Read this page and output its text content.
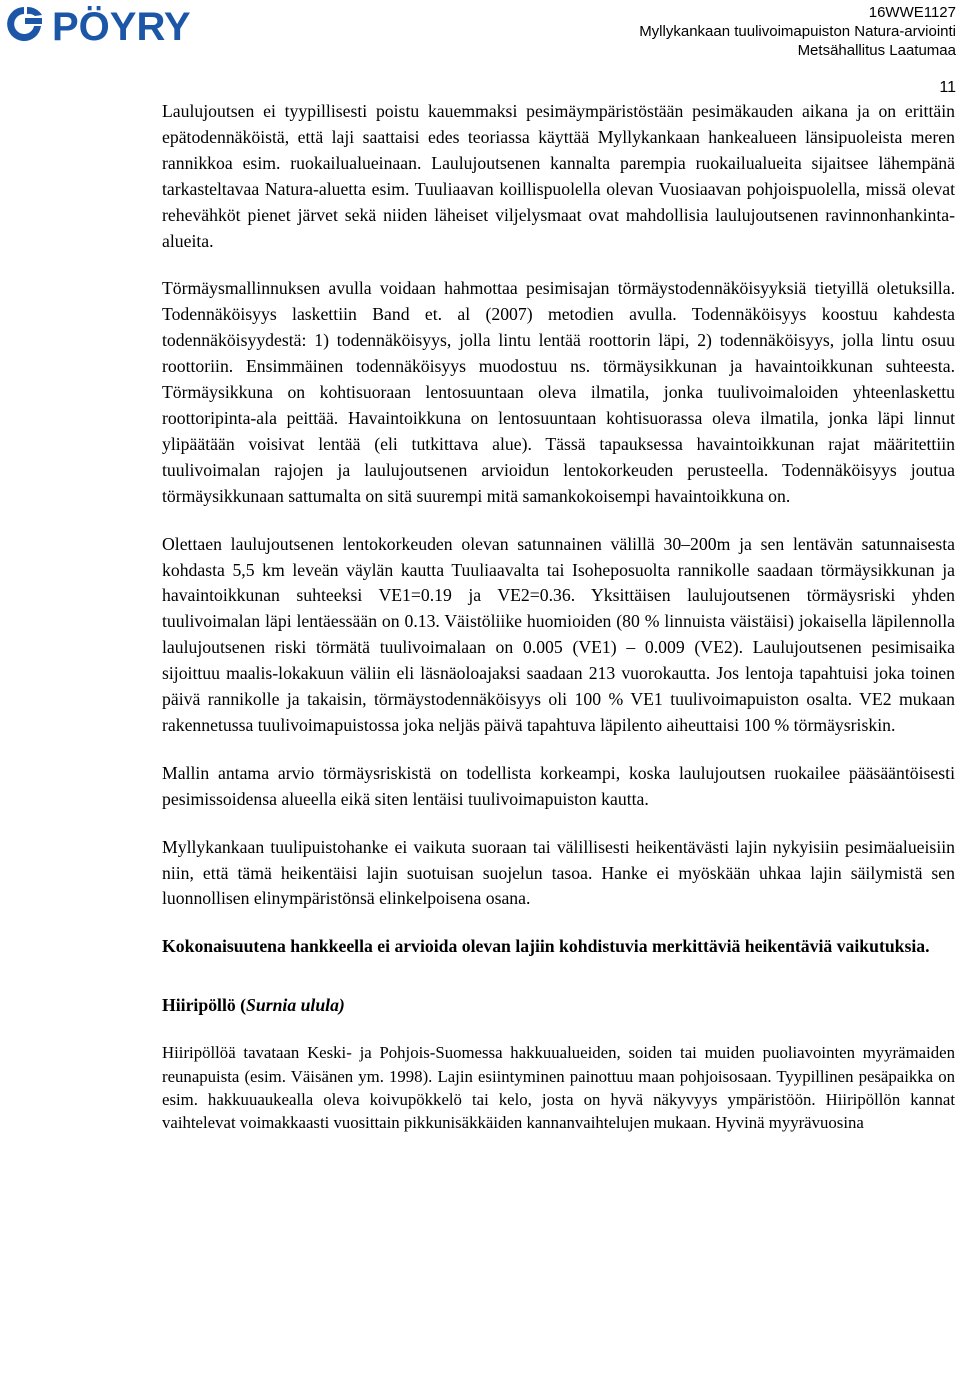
PÖYRY	16WWE1127
Myllykankaan tuulivoimapuiston Natura-arviointi
Metsähallitus Laatumaa
11

Laulujoutsen ei tyypillisesti poistu kauemmaksi pesimäympäristöstään pesimäkauden aikana ja on erittäin epätodennäköistä, että laji saattaisi edes teoriassa käyttää Myllykankaan hankealueen länsipuoleista meren rannikkoa esim. ruokailualueinaan. Laulujoutsenen kannalta parempia ruokailualueita sijaitsee lähempänä tarkasteltavaa Natura-aluetta esim. Tuuliaavan koillispuolella olevan Vuosiaavan pohjoispuolella, missä olevat rehevähköt pienet järvet sekä niiden läheiset viljelysmaat ovat mahdollisia laulujoutsenen ravinnonhankinta-alueita.

Törmäysmallinnuksen avulla voidaan hahmottaa pesimisajan törmäystodennäköisyyksiä tietyillä oletuksilla. Todennäköisyys laskettiin Band et. al (2007) metodien avulla. Todennäköisyys koostuu kahdesta todennäköisyydestä: 1) todennäköisyys, jolla lintu lentää roottorin läpi, 2) todennäköisyys, jolla lintu osuu roottoriin. Ensimmäinen todennäköisyys muodostuu ns. törmäysikkunan ja havaintoikkunan suhteesta. Törmäysikkuna on kohtisuoraan lentosuuntaan oleva ilmatila, jonka tuulivoimaloiden yhteenlaskettu roottoripinta-ala peittää. Havaintoikkuna on lentosuuntaan kohtisuorassa oleva ilmatila, jonka läpi linnut ylipäätään voisivat lentää (eli tutkittava alue). Tässä tapauksessa havaintoikkunan rajat määritettiin tuulivoimalan rajojen ja laulujoutsenen arvioidun lentokorkeuden perusteella. Todennäköisyys joutua törmäysikkunaan sattumalta on sitä suurempi mitä samankokoisempi havaintoikkuna on.

Olettaen laulujoutsenen lentokorkeuden olevan satunnainen välillä 30–200m ja sen lentävän satunnaisesta kohdasta 5,5 km leveän väylän kautta Tuuliaavalta tai Isoheposuolta rannikolle saadaan törmäysikkunan ja havaintoikkunan suhteeksi VE1=0.19 ja VE2=0.36. Yksittäisen laulujoutsenen törmäysriski yhden tuulivoimalan läpi lentäessään on 0.13. Väistöliike huomioiden (80 % linnuista väistäisi) jokaisella läpilennolla laulujoutsenen riski törmätä tuulivoimalaan on 0.005 (VE1) – 0.009 (VE2). Laulujoutsenen pesimisaika sijoittuu maalis-lokakuun väliin eli läsnäoloajaksi saadaan 213 vuorokautta. Jos lentoja tapahtuisi joka toinen päivä rannikolle ja takaisin, törmäystodennäköisyys oli 100 % VE1 tuulivoimapuiston osalta. VE2 mukaan rakennetussa tuulivoimapuistossa joka neljäs päivä tapahtuva läpilento aiheuttaisi 100 % törmäysriskin.

Mallin antama arvio törmäysriskistä on todellista korkeampi, koska laulujoutsen ruokailee pääsääntöisesti pesimissoidensa alueella eikä siten lentäisi tuulivoimapuiston kautta.

Myllykankaan tuulipuistohanke ei vaikuta suoraan tai välillisesti heikentävästi lajin nykyisiin pesimäalueisiin niin, että tämä heikentäisi lajin suotuisan suojelun tasoa. Hanke ei myöskään uhkaa lajin säilymistä sen luonnollisen elinympäristönsä elinkelpoisena osana.

Kokonaisuutena hankkeella ei arvioida olevan lajiin kohdistuvia merkittäviä heikentäviä vaikutuksia.

Hiiripöllö (Surnia ulula)

Hiiripöllöä tavataan Keski- ja Pohjois-Suomessa hakkuualueiden, soiden tai muiden puoliavointen myyrämaiden reunapuista (esim. Väisänen ym. 1998). Lajin esiintyminen painottuu maan pohjoisosaan. Tyypillinen pesäpaikka on esim. hakkuuaukealla oleva koivupökkelö tai kelo, josta on hyvä näkyvyys ympäristöön. Hiiripöllön kannat vaihtelevat voimakkaasti vuosittain pikkunisäkkäiden kannanvaihtelujen mukaan. Hyvinä myyrävuosina
